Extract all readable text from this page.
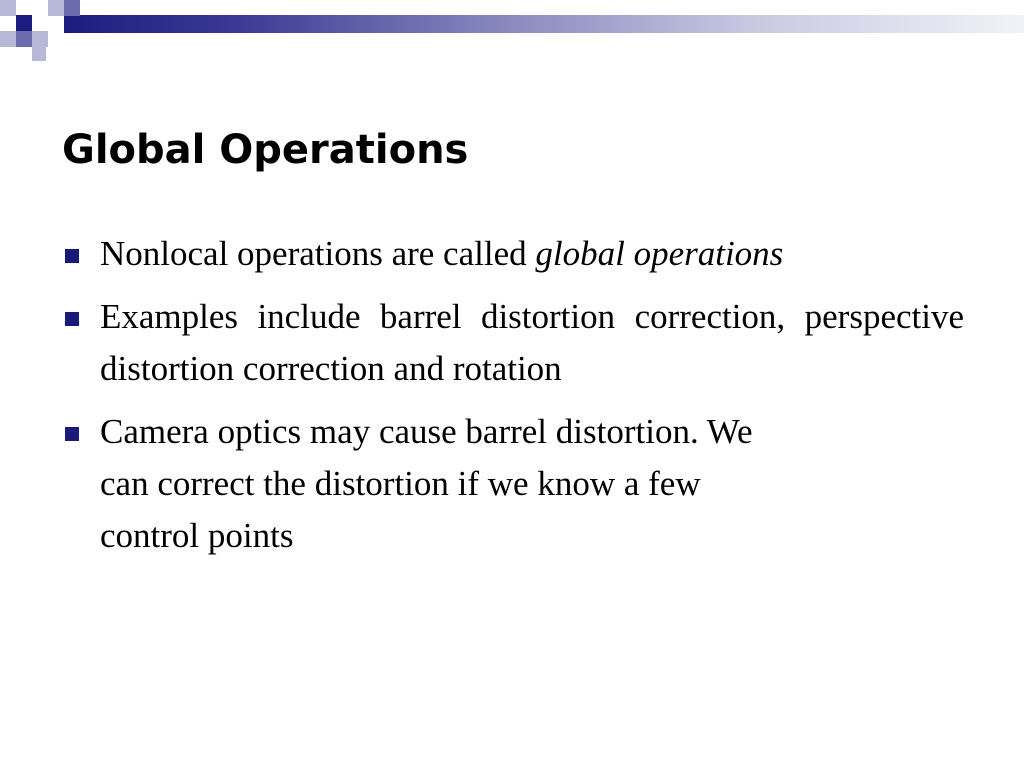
Global Operations
Nonlocal operations are called global operations
Examples include barrel distortion correction, perspective distortion correction and rotation
Camera optics may cause barrel distortion. We
can correct the distortion if we know a few
control points
